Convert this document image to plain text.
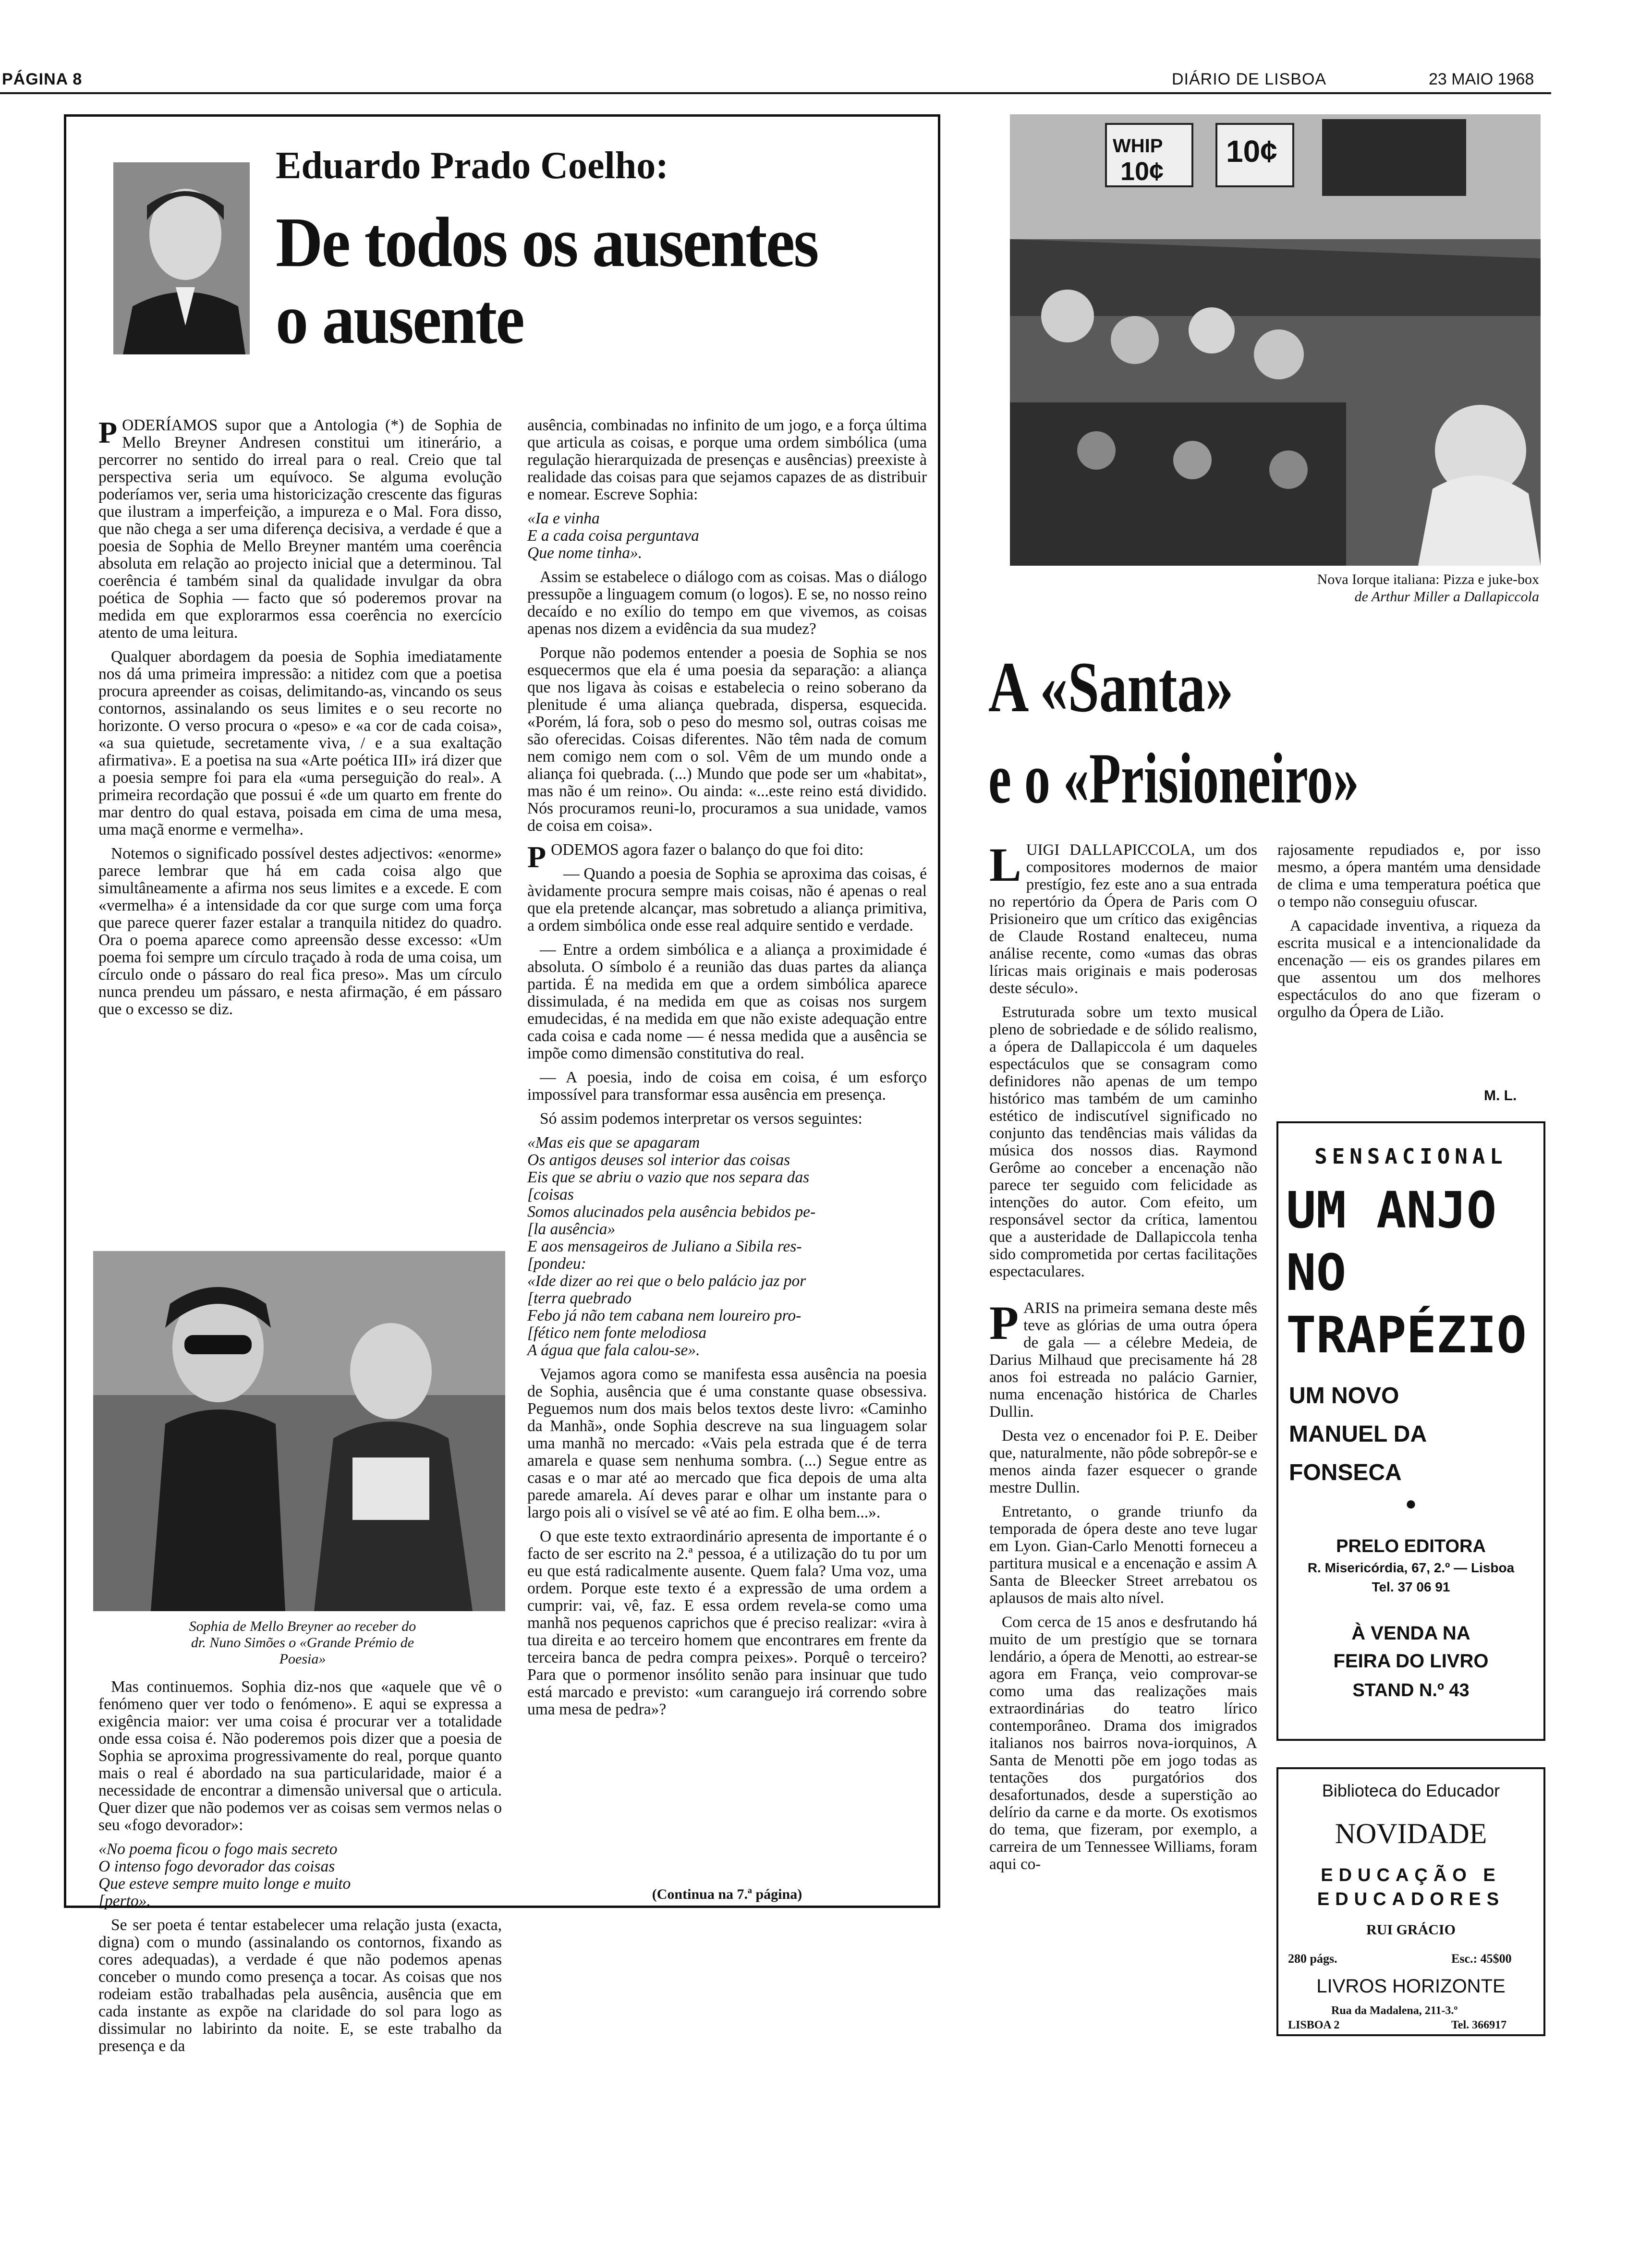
PÁGINA 8	DIÁRIO DE LISBOA	23 MAIO 1968
Eduardo Prado Coelho:
De todos os ausentes
o ausente

PODERÍAMOS supor que a Antologia (*) de Sophia de Mello Breyner Andresen constitui um itinerário, a percorrer no sentido do irreal para o real. Creio que tal perspectiva seria um equívoco. Se alguma evolução poderíamos ver, seria uma historicização crescente das figuras que ilustram a imperfeição, a impureza e o Mal. Fora disso, que não chega a ser uma diferença decisiva, a verdade é que a poesia de Sophia de Mello Breyner mantém uma coerência absoluta em relação ao projecto inicial que a determinou. Tal coerência é também sinal da qualidade invulgar da obra poética de Sophia — facto que só poderemos provar na medida em que explorarmos essa coerência no exercício atento de uma leitura.

Qualquer abordagem da poesia de Sophia imediatamente nos dá uma primeira impressão: a nitidez com que a poetisa procura apreender as coisas, delimitando-as, vincando os seus contornos, assinalando os seus limites e o seu recorte no horizonte. O verso procura o «peso» e «a cor de cada coisa», «a sua quietude, secretamente viva, / e a sua exaltação afirmativa». E a poetisa na sua «Arte poética III» irá dizer que a poesia sempre foi para ela «uma perseguição do real». A primeira recordação que possui é «de um quarto em frente do mar dentro do qual estava, poisada em cima de uma mesa, uma maçã enorme e vermelha».

Notemos o significado possível destes adjectivos: «enorme» parece lembrar que há em cada coisa algo que simultâneamente a afirma nos seus limites e a excede. E com «vermelha» é a intensidade da cor que surge com uma força que parece querer fazer estalar a tranquila nitidez do quadro. Ora o poema aparece como apreensão desse excesso: «Um poema foi sempre um círculo traçado à roda de uma coisa, um círculo onde o pássaro do real fica preso». Mas um círculo nunca prendeu um pássaro, e nesta afirmação, é em pássaro que o excesso se diz.

Sophia de Mello Breyner ao receber do dr. Nuno Simões o «Grande Prémio de Poesia»

Mas continuemos. Sophia diz-nos que «aquele que vê o fenómeno quer ver todo o fenómeno». E aqui se expressa a exigência maior: ver uma coisa é procurar ver a totalidade onde essa coisa é. Não poderemos pois dizer que a poesia de Sophia se aproxima progressivamente do real, porque quanto mais o real é abordado na sua particularidade, maior é a necessidade de encontrar a dimensão universal que o articula. Quer dizer que não podemos ver as coisas sem vermos nelas o seu «fogo devorador»:

«No poema ficou o fogo mais secreto
O intenso fogo devorador das coisas
Que esteve sempre muito longe e muito
[perto».

Se ser poeta é tentar estabelecer uma relação justa (exacta, digna) com o mundo (assinalando os contornos, fixando as cores adequadas), a verdade é que não podemos apenas conceber o mundo como presença a tocar. As coisas que nos rodeiam estão trabalhadas pela ausência, ausência que em cada instante as expõe na claridade do sol para logo as dissimular no labirinto da noite. E, se este trabalho da presença e da

ausência, combinadas no infinito de um jogo, e a força última que articula as coisas, e porque uma ordem simbólica (uma regulação hierarquizada de presenças e ausências) preexiste à realidade das coisas para que sejamos capazes de as distribuir e nomear. Escreve Sophia:

«Ia e vinha
E a cada coisa perguntava
Que nome tinha».

Assim se estabelece o diálogo com as coisas. Mas o diálogo pressupõe a linguagem comum (o logos). E se, no nosso reino decaído e no exílio do tempo em que vivemos, as coisas apenas nos dizem a evidência da sua mudez?

Porque não podemos entender a poesia de Sophia se nos esquecermos que ela é uma poesia da separação: a aliança que nos ligava às coisas e estabelecia o reino soberano da plenitude é uma aliança quebrada, dispersa, esquecida. «Porém, lá fora, sob o peso do mesmo sol, outras coisas me são oferecidas. Coisas diferentes. Não têm nada de comum nem comigo nem com o sol. Vêm de um mundo onde a aliança foi quebrada. (...) Mundo que pode ser um «habitat», mas não é um reino». Ou ainda: «...este reino está dividido. Nós procuramos reuni-lo, procuramos a sua unidade, vamos de coisa em coisa».

PODEMOS agora fazer o balanço do que foi dito:

— Quando a poesia de Sophia se aproxima das coisas, é àvidamente procura sempre mais coisas, não é apenas o real que ela pretende alcançar, mas sobretudo a aliança primitiva, a ordem simbólica onde esse real adquire sentido e verdade.

— Entre a ordem simbólica e a aliança a proximidade é absoluta. O símbolo é a reunião das duas partes da aliança partida. É na medida em que a ordem simbólica aparece dissimulada, é na medida em que as coisas nos surgem emudecidas, é na medida em que não existe adequação entre cada coisa e cada nome — é nessa medida que a ausência se impõe como dimensão constitutiva do real.

— A poesia, indo de coisa em coisa, é um esforço impossível para transformar essa ausência em presença.

Só assim podemos interpretar os versos seguintes:

«Mas eis que se apagaram
Os antigos deuses sol interior das coisas
Eis que se abriu o vazio que nos separa das
[coisas
Somos alucinados pela ausência bebidos pe-
[la ausência»
E aos mensageiros de Juliano a Sibila res-
[pondeu:
«Ide dizer ao rei que o belo palácio jaz por
[terra quebrado
Febo já não tem cabana nem loureiro pro-
[fético nem fonte melodiosa
A água que fala calou-se».

Vejamos agora como se manifesta essa ausência na poesia de Sophia, ausência que é uma constante quase obsessiva. Peguemos num dos mais belos textos deste livro: «Caminho da Manhã», onde Sophia descreve na sua linguagem solar uma manhã no mercado: «Vais pela estrada que é de terra amarela e quase sem nenhuma sombra. (...) Segue entre as casas e o mar até ao mercado que fica depois de uma alta parede amarela. Aí deves parar e olhar um instante para o largo pois ali o visível se vê até ao fim. E olha bem...».

O que este texto extraordinário apresenta de importante é o facto de ser escrito na 2.ª pessoa, é a utilização do tu por um eu que está radicalmente ausente. Quem fala? Uma voz, uma ordem. Porque este texto é a expressão de uma ordem a cumprir: vai, vê, faz. E essa ordem revela-se como uma manhã nos pequenos caprichos que é preciso realizar: «vira à tua direita e ao terceiro homem que encontrares em frente da terceira banca de pedra compra peixes». Porquê o terceiro? Para que o pormenor insólito senão para insinuar que tudo está marcado e previsto: «um caranguejo irá correndo sobre uma mesa de pedra»?

(Continua na 7.ª página)
WHIP
10¢
10¢
Nova Iorque italiana: Pizza e juke-box
de Arthur Miller a Dallapiccola
A «Santa»
e o «Prisioneiro»

LUIGI DALLAPICCOLA, um dos compositores modernos de maior prestígio, fez este ano a sua entrada no repertório da Ópera de Paris com O Prisioneiro que um crítico das exigências de Claude Rostand enalteceu, numa análise recente, como «umas das obras líricas mais originais e mais poderosas deste século».

Estruturada sobre um texto musical pleno de sobriedade e de sólido realismo, a ópera de Dallapiccola é um daqueles espectáculos que se consagram como definidores não apenas de um tempo histórico mas também de um caminho estético de indiscutível significado no conjunto das tendências mais válidas da música dos nossos dias. Raymond Gerôme ao conceber a encenação não parece ter seguido com felicidade as intenções do autor. Com efeito, um responsável sector da crítica, lamentou que a austeridade de Dallapiccola tenha sido comprometida por certas facilitações espectaculares.

PARIS na primeira semana deste mês teve as glórias de uma outra ópera de gala — a célebre Medeia, de Darius Milhaud que precisamente há 28 anos foi estreada no palácio Garnier, numa encenação histórica de Charles Dullin.

Desta vez o encenador foi P. E. Deiber que, naturalmente, não pôde sobrepôr-se e menos ainda fazer esquecer o grande mestre Dullin.

Entretanto, o grande triunfo da temporada de ópera deste ano teve lugar em Lyon. Gian-Carlo Menotti forneceu a partitura musical e a encenação e assim A Santa de Bleecker Street arrebatou os aplausos de mais alto nível.

Com cerca de 15 anos e desfrutando há muito de um prestígio que se tornara lendário, a ópera de Menotti, ao estrear-se agora em França, veio comprovar-se como uma das realizações mais extraordinárias do teatro lírico contemporâneo. Drama dos imigrados italianos nos bairros nova-iorquinos, A Santa de Menotti põe em jogo todas as tentações dos purgatórios dos desafortunados, desde a superstição ao delírio da carne e da morte. Os exotismos do tema, que fizeram, por exemplo, a carreira de um Tennessee Williams, foram aqui co-

rajosamente repudiados e, por isso mesmo, a ópera mantém uma densidade de clima e uma temperatura poética que o tempo não conseguiu ofuscar.

A capacidade inventiva, a riqueza da escrita musical e a intencionalidade da encenação — eis os grandes pilares em que assentou um dos melhores espectáculos do ano que fizeram o orgulho da Ópera de Lião.

M. L.
SENSACIONAL
UM ANJO
NO
TRAPÉZIO
UM NOVO
MANUEL DA
FONSECA
●
PRELO EDITORA
R. Misericórdia, 67, 2.º — Lisboa
Tel. 37 06 91
À VENDA NA
FEIRA DO LIVRO
STAND N.º 43
Biblioteca do Educador
NOVIDADE
EDUCAÇÃO E
EDUCADORES
RUI GRÁCIO
280 págs.	Esc.: 45$00
LIVROS HORIZONTE
Rua da Madalena, 211-3.º
LISBOA 2	Tel. 366917
